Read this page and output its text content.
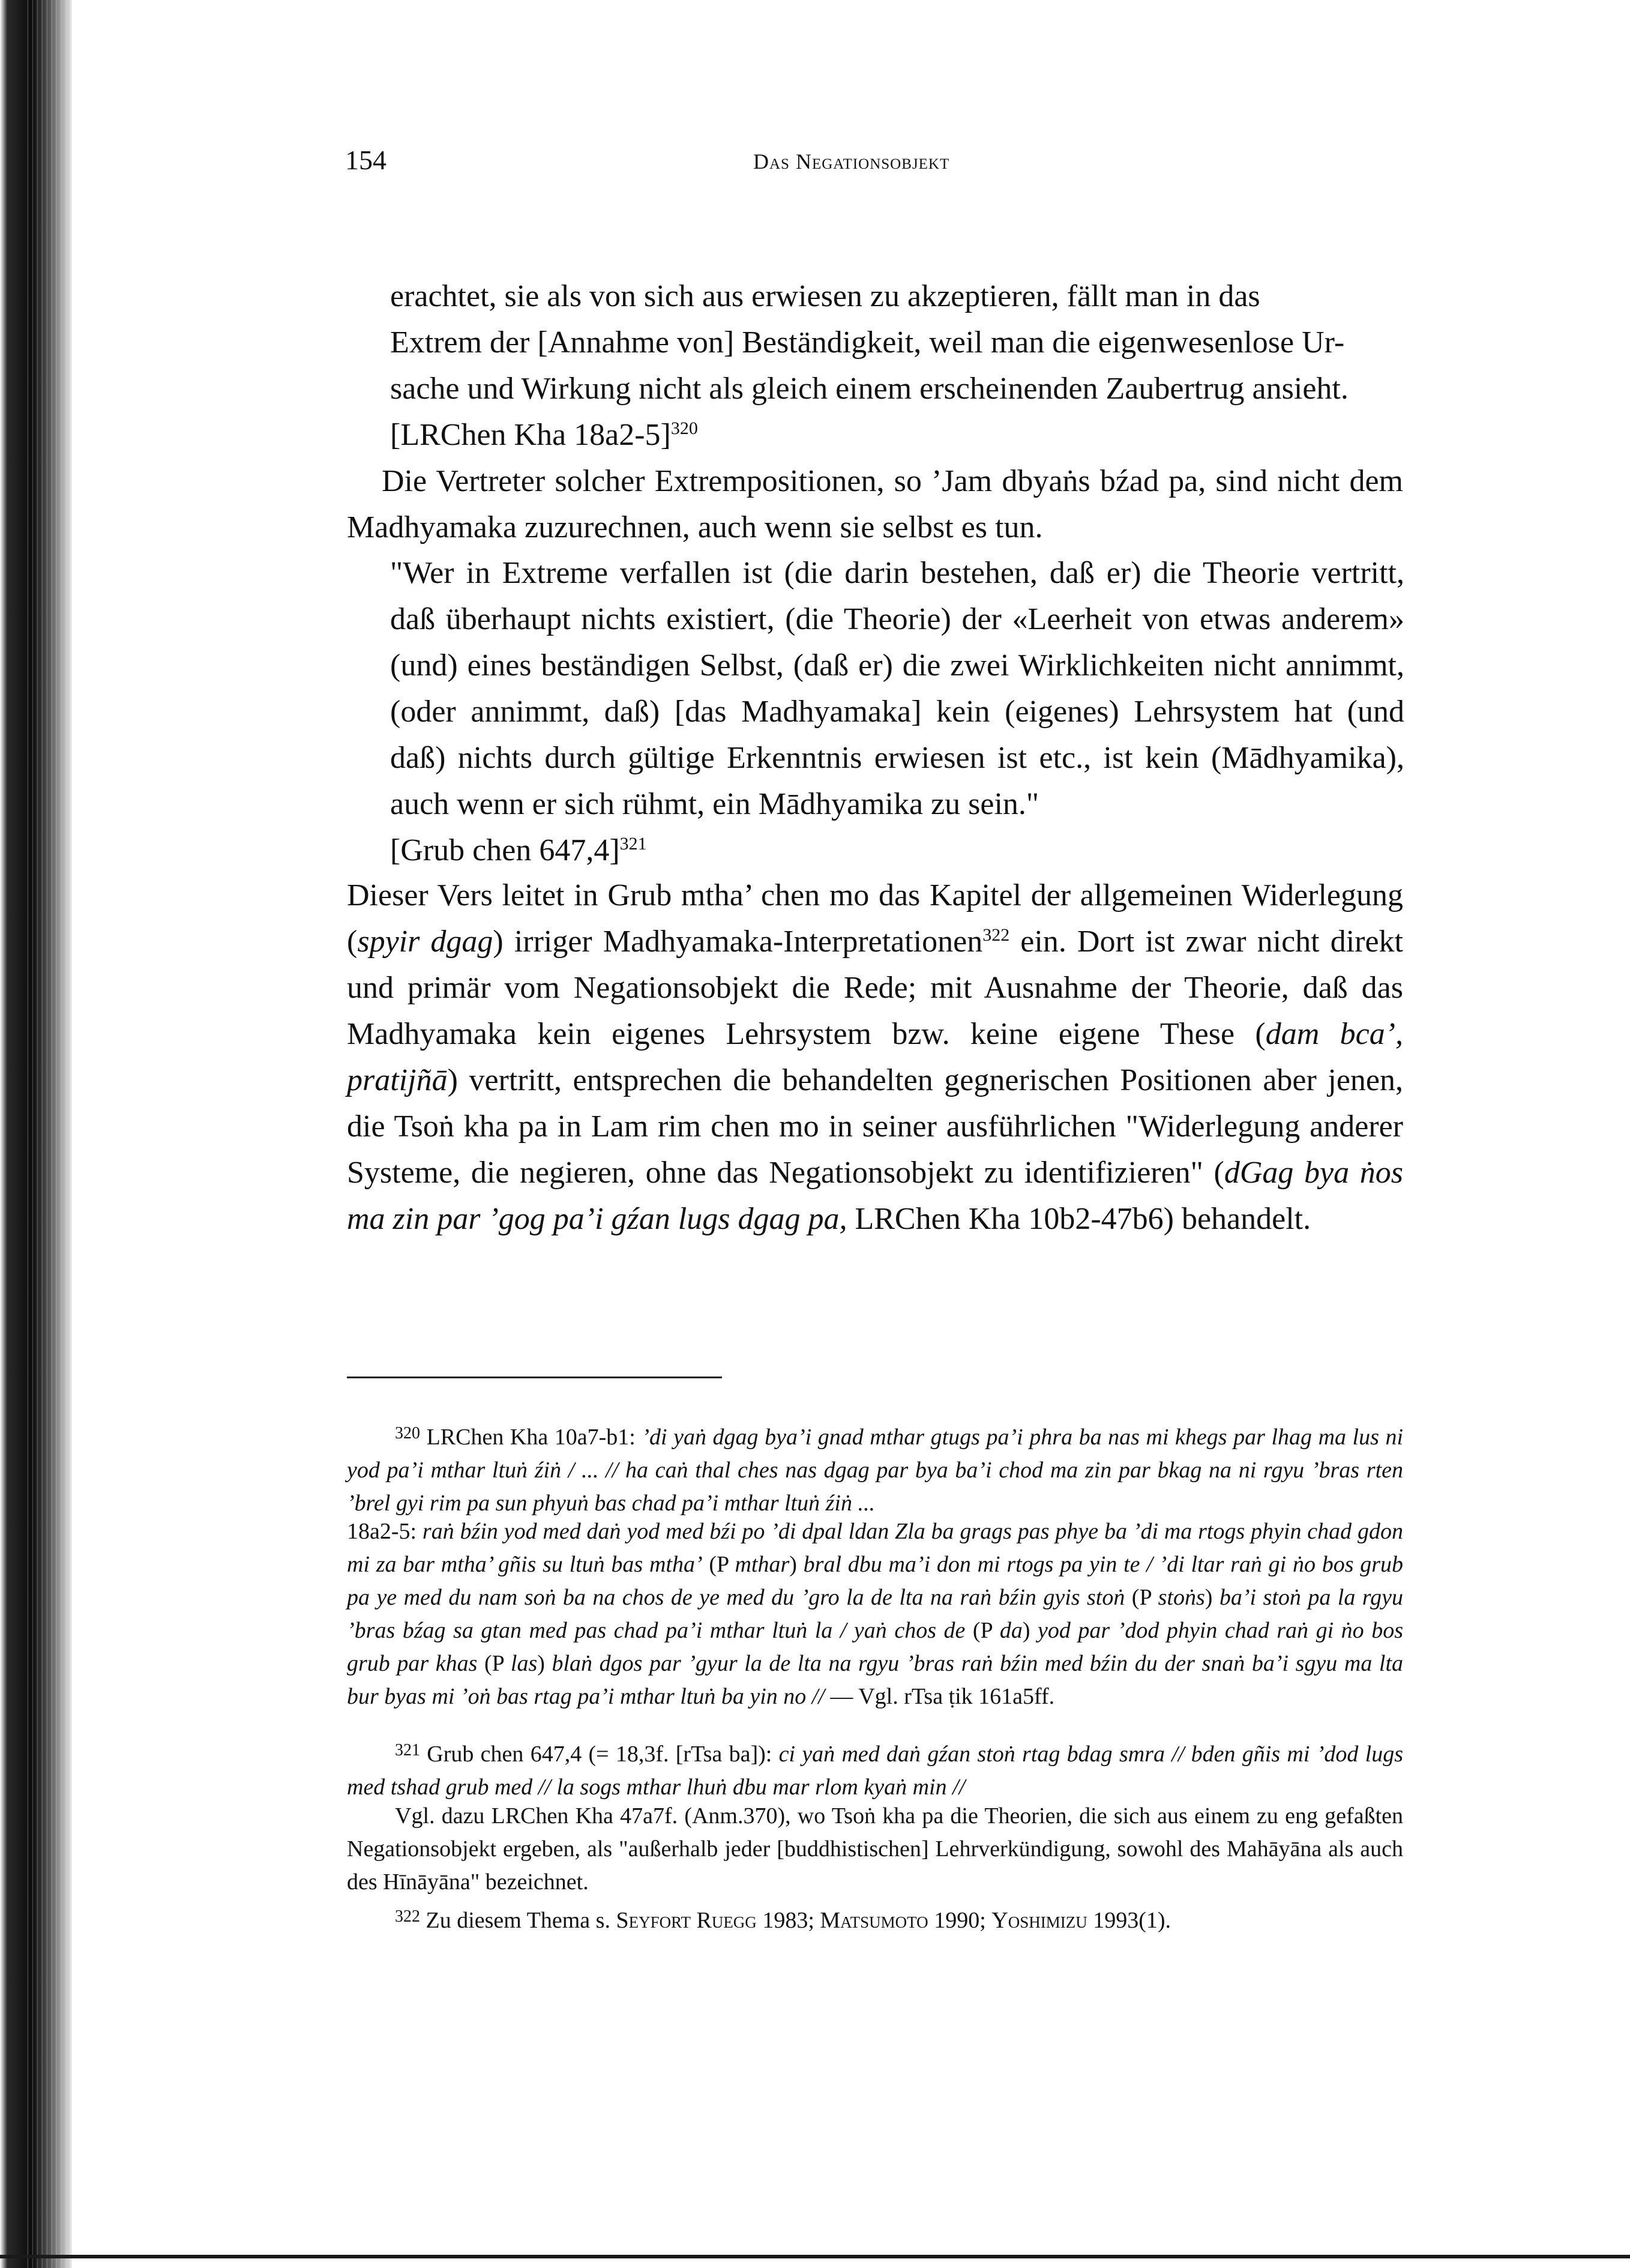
154	Das Negationsobjekt
erachtet, sie als von sich aus erwiesen zu akzeptieren, fällt man in das
Extrem der [Annahme von] Beständigkeit, weil man die eigenwesenlose Ur-
sache und Wirkung nicht als gleich einem erscheinenden Zaubertrug ansieht.
[LRChen Kha 18a2-5]$^{320}$
Die Vertreter solcher Extrempositionen, so ’Jam dbyaṅs bźad pa, sind nicht dem Madhyamaka zuzurechnen, auch wenn sie selbst es tun.
"Wer in Extreme verfallen ist (die darin bestehen, daß er) die Theorie vertritt, daß überhaupt nichts existiert, (die Theorie) der «Leerheit von etwas anderem» (und) eines beständigen Selbst, (daß er) die zwei Wirklichkeiten nicht annimmt, (oder annimmt, daß) [das Madhyamaka] kein (eigenes) Lehrsystem hat (und daß) nichts durch gültige Erkenntnis erwiesen ist etc., ist kein (Mādhyamika), auch wenn er sich rühmt, ein Mādhyamika zu sein."
[Grub chen 647,4]$^{321}$
Dieser Vers leitet in Grub mtha’ chen mo das Kapitel der allgemeinen Widerlegung (spyir dgag) irriger Madhyamaka-Interpretationen$^{322}$ ein. Dort ist zwar nicht direkt und primär vom Negationsobjekt die Rede; mit Ausnahme der Theorie, daß das Madhyamaka kein eigenes Lehrsystem bzw. keine eigene These (dam bca’, pratijñā) vertritt, entsprechen die behandelten gegnerischen Positionen aber jenen, die Tsoṅ kha pa in Lam rim chen mo in seiner ausführlichen "Widerlegung anderer Systeme, die negieren, ohne das Negationsobjekt zu identifizieren" (dGag bya ṅos ma zin par ’gog pa’i gźan lugs dgag pa, LRChen Kha 10b2-47b6) behandelt.
$^{320}$ LRChen Kha 10a7-b1: ’di yaṅ dgag bya’i gnad mthar gtugs pa’i phra ba nas mi khegs par lhag ma lus ni yod pa’i mthar ltuṅ źiṅ / ... // ha caṅ thal ches nas dgag par bya ba’i chod ma zin par bkag na ni rgyu ’bras rten ’brel gyi rim pa sun phyuṅ bas chad pa’i mthar ltuṅ źiṅ ...
18a2-5: raṅ bźin yod med daṅ yod med bźi po ’di dpal ldan Zla ba grags pas phye ba ’di ma rtogs phyin chad gdon mi za bar mtha’ gñis su ltuṅ bas mtha’ (P mthar) bral dbu ma’i don mi rtogs pa yin te / ’di ltar raṅ gi ṅo bos grub pa ye med du nam soṅ ba na chos de ye med du ’gro la de lta na raṅ bźin gyis stoṅ (P stoṅs) ba’i stoṅ pa la rgyu ’bras bźag sa gtan med pas chad pa’i mthar ltuṅ la / yaṅ chos de (P da) yod par ’dod phyin chad raṅ gi ṅo bos grub par khas (P las) blaṅ dgos par ’gyur la de lta na rgyu ’bras raṅ bźin med bźin du der snaṅ ba’i sgyu ma lta bur byas mi ’oṅ bas rtag pa’i mthar ltuṅ ba yin no // — Vgl. rTsa ṭik 161a5ff.
$^{321}$ Grub chen 647,4 (= 18,3f. [rTsa ba]): ci yaṅ med daṅ gźan stoṅ rtag bdag smra // bden gñis mi ’dod lugs med tshad grub med // la sogs mthar lhuṅ dbu mar rlom kyaṅ min //
Vgl. dazu LRChen Kha 47a7f. (Anm.370), wo Tsoṅ kha pa die Theorien, die sich aus einem zu eng gefaßten Negationsobjekt ergeben, als "außerhalb jeder [buddhistischen] Lehrverkündigung, sowohl des Mahāyāna als auch des Hīnāyāna" bezeichnet.
$^{322}$ Zu diesem Thema s. Seyfort Ruegg 1983; Matsumoto 1990; Yoshimizu 1993(1).
